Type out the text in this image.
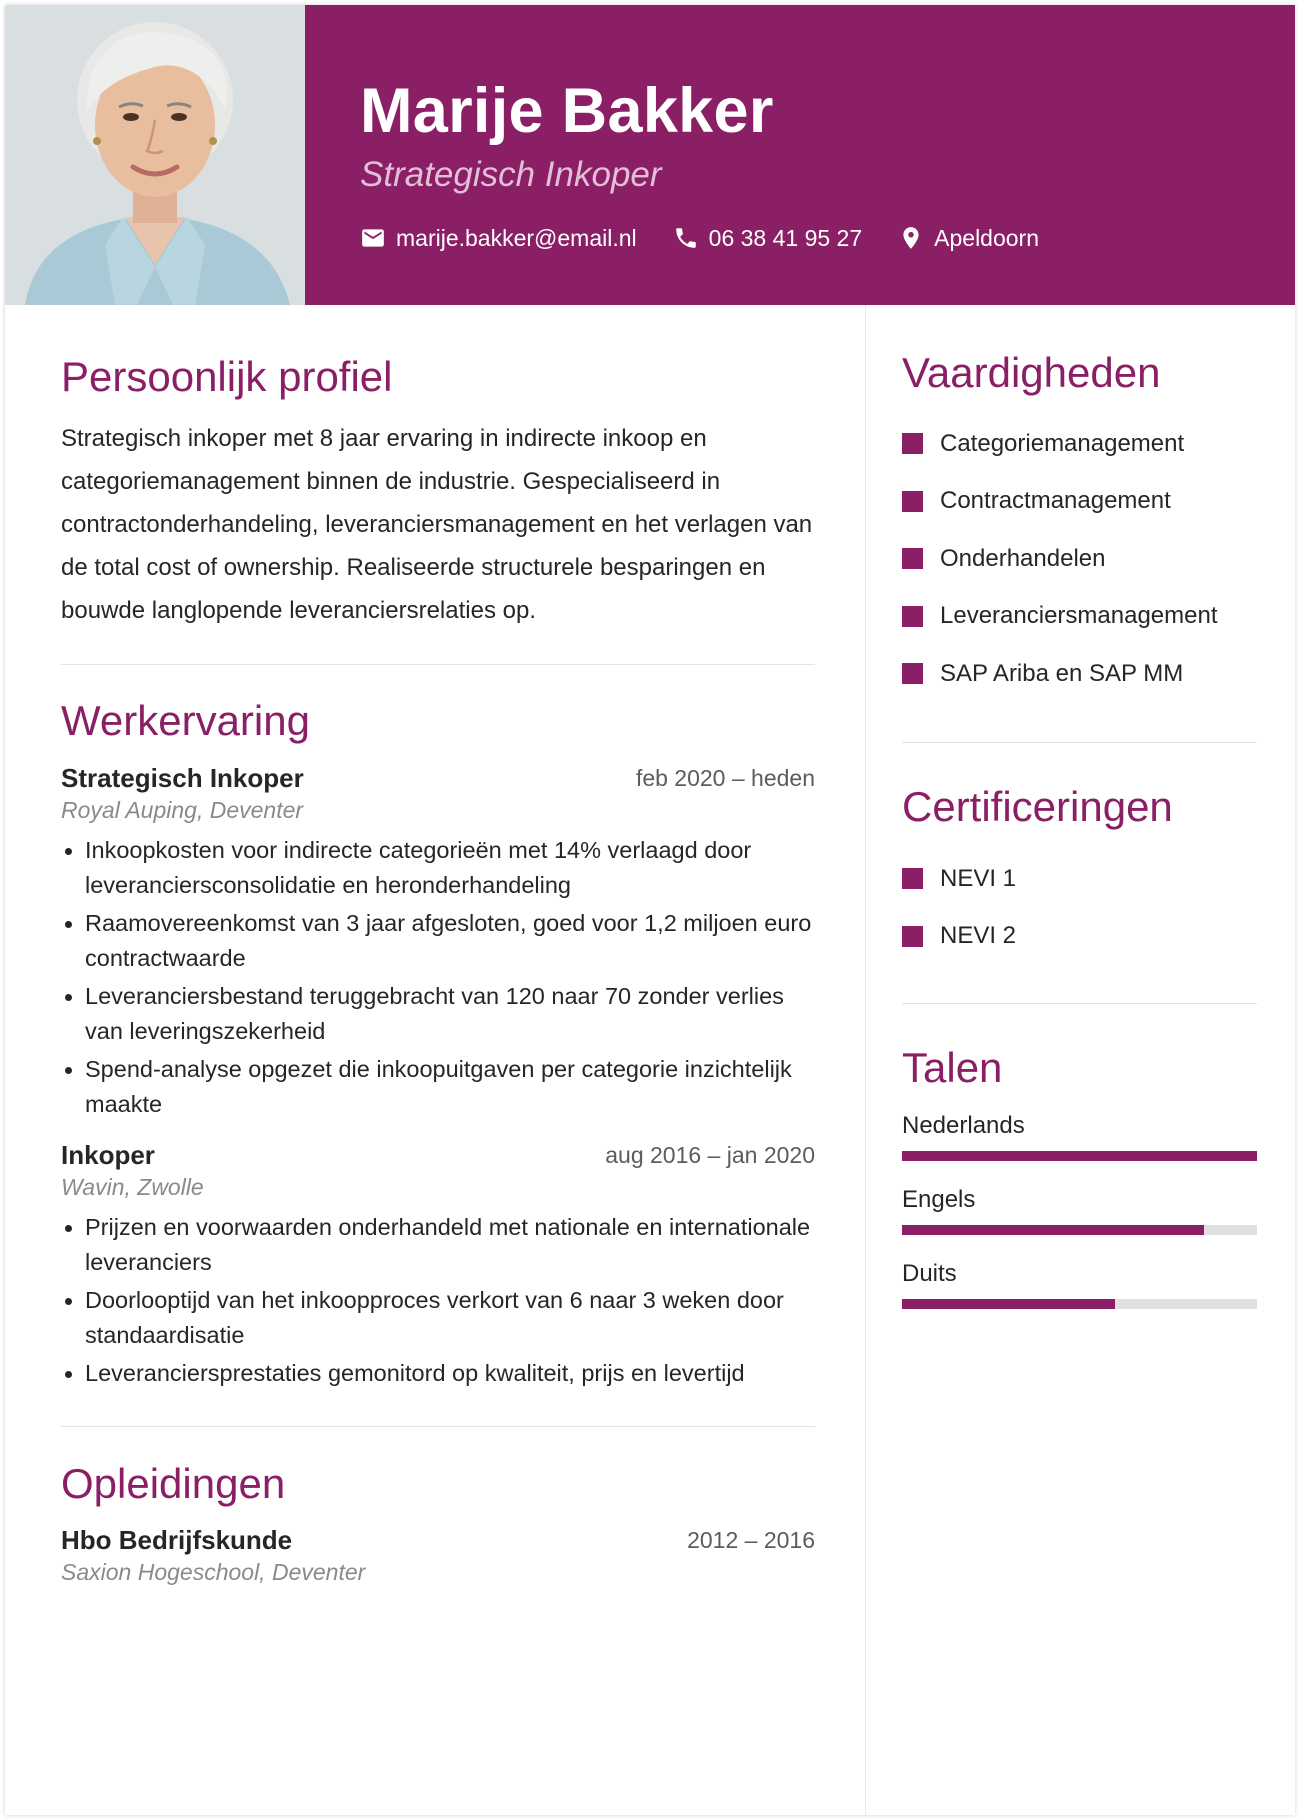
Marije Bakker
Strategisch Inkoper
marije.bakker@email.nl	06 38 41 95 27	Apeldoorn
Persoonlijk profiel

Strategisch inkoper met 8 jaar ervaring in indirecte inkoop en categoriemanagement binnen de industrie. Gespecialiseerd in contractonderhandeling, leveranciersmanagement en het verlagen van de total cost of ownership. Realiseerde structurele besparingen en bouwde langlopende leveranciersrelaties op.

Werkervaring
Strategisch Inkoper	feb 2020 – heden
Royal Auping, Deventer
Inkoopkosten voor indirecte categorieën met 14% verlaagd door leveranciersconsolidatie en heronderhandeling
Raamovereenkomst van 3 jaar afgesloten, goed voor 1,2 miljoen euro contractwaarde
Leveranciersbestand teruggebracht van 120 naar 70 zonder verlies van leveringszekerheid
Spend-analyse opgezet die inkoopuitgaven per categorie inzichtelijk maakte
Inkoper	aug 2016 – jan 2020
Wavin, Zwolle
Prijzen en voorwaarden onderhandeld met nationale en internationale leveranciers
Doorlooptijd van het inkoopproces verkort van 6 naar 3 weken door standaardisatie
Leveranciersprestaties gemonitord op kwaliteit, prijs en levertijd
Opleidingen
Hbo Bedrijfskunde	2012 – 2016
Saxion Hogeschool, Deventer
Vaardigheden
Categoriemanagement
Contractmanagement
Onderhandelen
Leveranciersmanagement
SAP Ariba en SAP MM
Certificeringen
NEVI 1
NEVI 2
Talen
Nederlands
Engels
Duits
